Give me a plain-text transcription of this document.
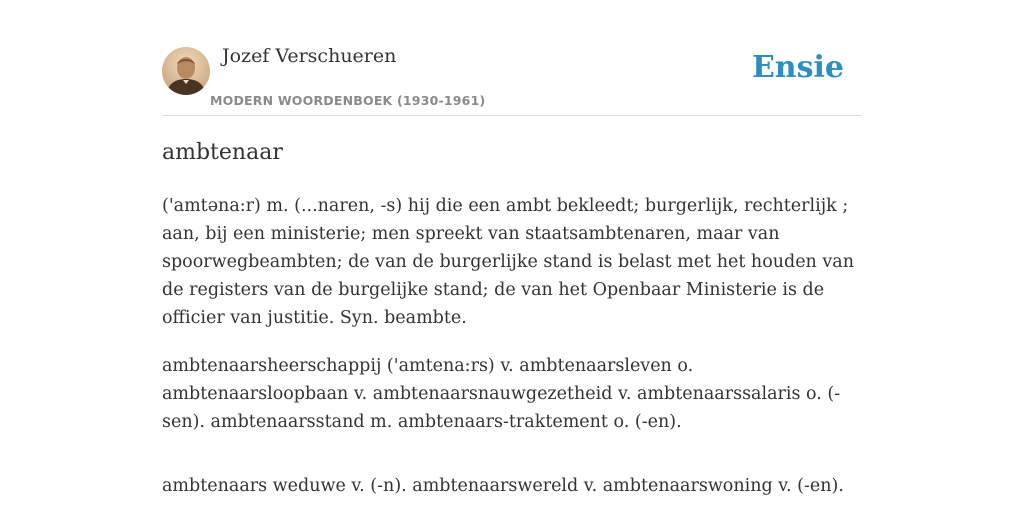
Jozef Verschueren
MODERN WOORDENBOEK (1930-1961)
Ensie
ambtenaar

('amtəna:r) m. (...naren, -s) hij die een ambt bekleedt; burgerlijk, rechterlijk ; aan, bij een ministerie; men spreekt van staatsambtenaren, maar van spoorwegbeambten; de van de burgerlijke stand is belast met het houden van de registers van de burgelijke stand; de van het Openbaar Ministerie is de officier van justitie. Syn. beambte.

ambtenaarsheerschappij ('amtena:rs) v. ambtenaarsleven o. ambtenaarsloopbaan v. ambtenaarsnauwgezetheid v. ambtenaarssalaris o. (-sen). ambtenaarsstand m. ambtenaars-traktement o. (-en).

ambtenaars weduwe v. (-n). ambtenaarswereld v. ambtenaarswoning v. (-en).
